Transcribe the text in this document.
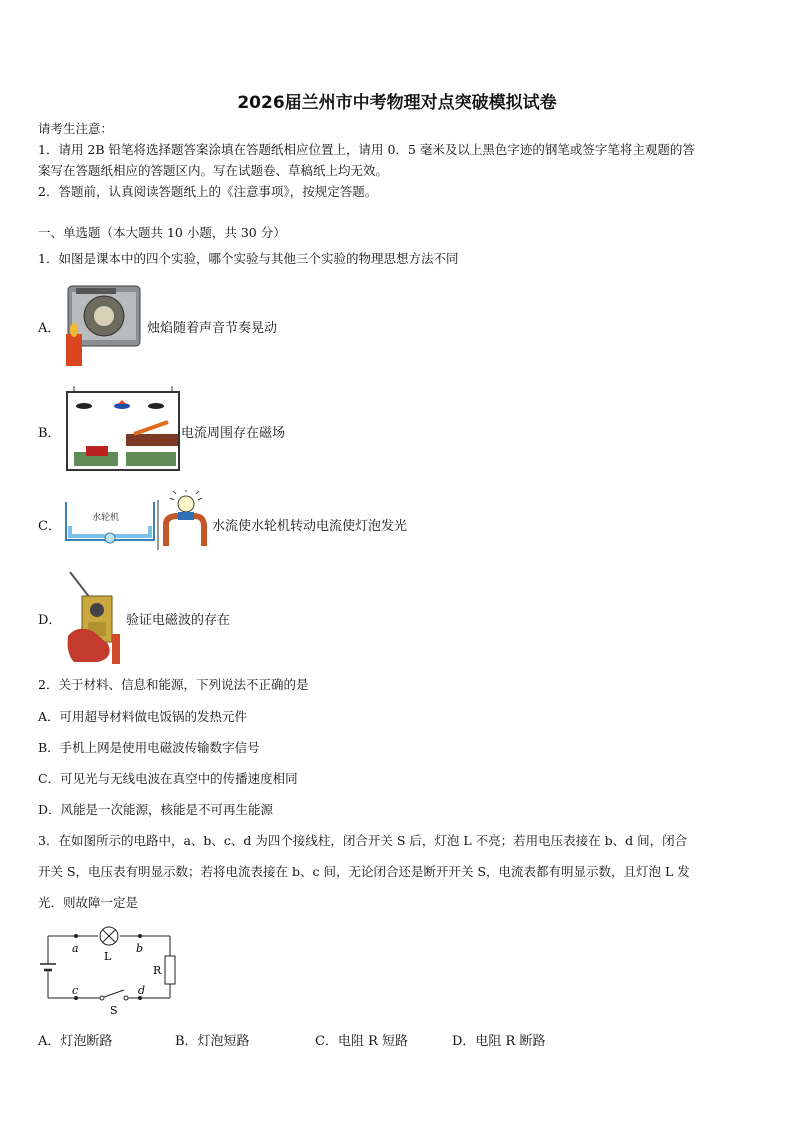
2026届兰州市中考物理对点突破模拟试卷
请考生注意：
1．请用 2B 铅笔将选择题答案涂填在答题纸相应位置上，请用 0．5 毫米及以上黑色字迹的钢笔或签字笔将主观题的答
案写在答题纸相应的答题区内。写在试题卷、草稿纸上均无效。
2．答题前，认真阅读答题纸上的《注意事项》，按规定答题。
一、单选题（本大题共 10 小题，共 30 分）
1．如图是课本中的四个实验，哪个实验与其他三个实验的物理思想方法不同
A．	烛焰随着声音节奏晃动
B．	电流周围存在磁场
C．
水轮机
水流使水轮机转动电流使灯泡发光
D．	验证电磁波的存在
2．关于材料、信息和能源，下列说法不正确的是
A．可用超导材料做电饭锅的发热元件
B．手机上网是使用电磁波传输数字信号
C．可见光与无线电波在真空中的传播速度相同
D．风能是一次能源，核能是不可再生能源
3．在如图所示的电路中，a、b、c、d 为四个接线柱，闭合开关 S 后，灯泡 L 不亮；若用电压表接在 b、d 间，闭合
开关 S，电压表有明显示数；若将电流表接在 b、c 间，无论闭合还是断开开关 S，电流表都有明显示数，且灯泡 L 发
光．则故障一定是
a	b
c	d
L
R
S
A．灯泡断路	B．灯泡短路	C．电阻 R 短路	D．电阻 R 断路
